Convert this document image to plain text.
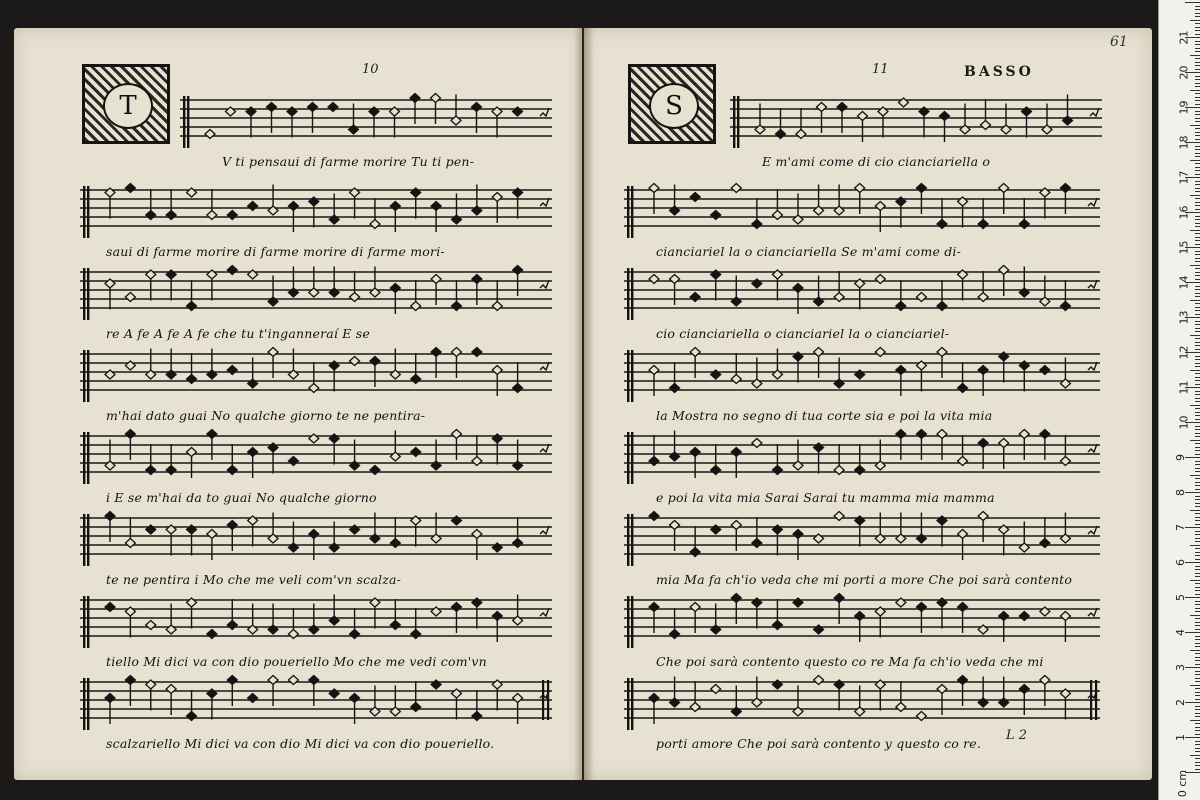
T
10
V ti pensaui di farme morire Tu ti pen-
saui di farme morire di farme morire di farme mori-
re A fe A fe A fe che tu t'inganneraí E se
m'hai dato guai No qualche giorno te ne pentira-
i E se m'hai da to guai No qualche giorno
te ne pentira i Mo che me veli com'vn scalza-
tiello Mi dici va con dio poueriello Mo che me vedi com'vn
scalzariello Mi dici va con dio Mi dici va con dio poueriello.
S
11	BASSO
61
L 2
E m'ami come di cio cianciariella o
cianciariel la o cianciariella Se m'ami come di-
cio cianciariella o cianciariel la o cianciariel-
la Mostra no segno di tua corte sia e poi la vita mia
e poi la vita mia Sarai Sarai tu mamma mia mamma
mia Ma fa ch'io veda che mi porti a more Che poi sarà contento
Che poi sarà contento questo co re Ma fa ch'io veda che mi
porti amore Che poi sarà contento y questo co re.	1
2
3
4
5
6
7
8
9
10
11
12
13
14
15
16
17
18
19
20
21
0 cm
